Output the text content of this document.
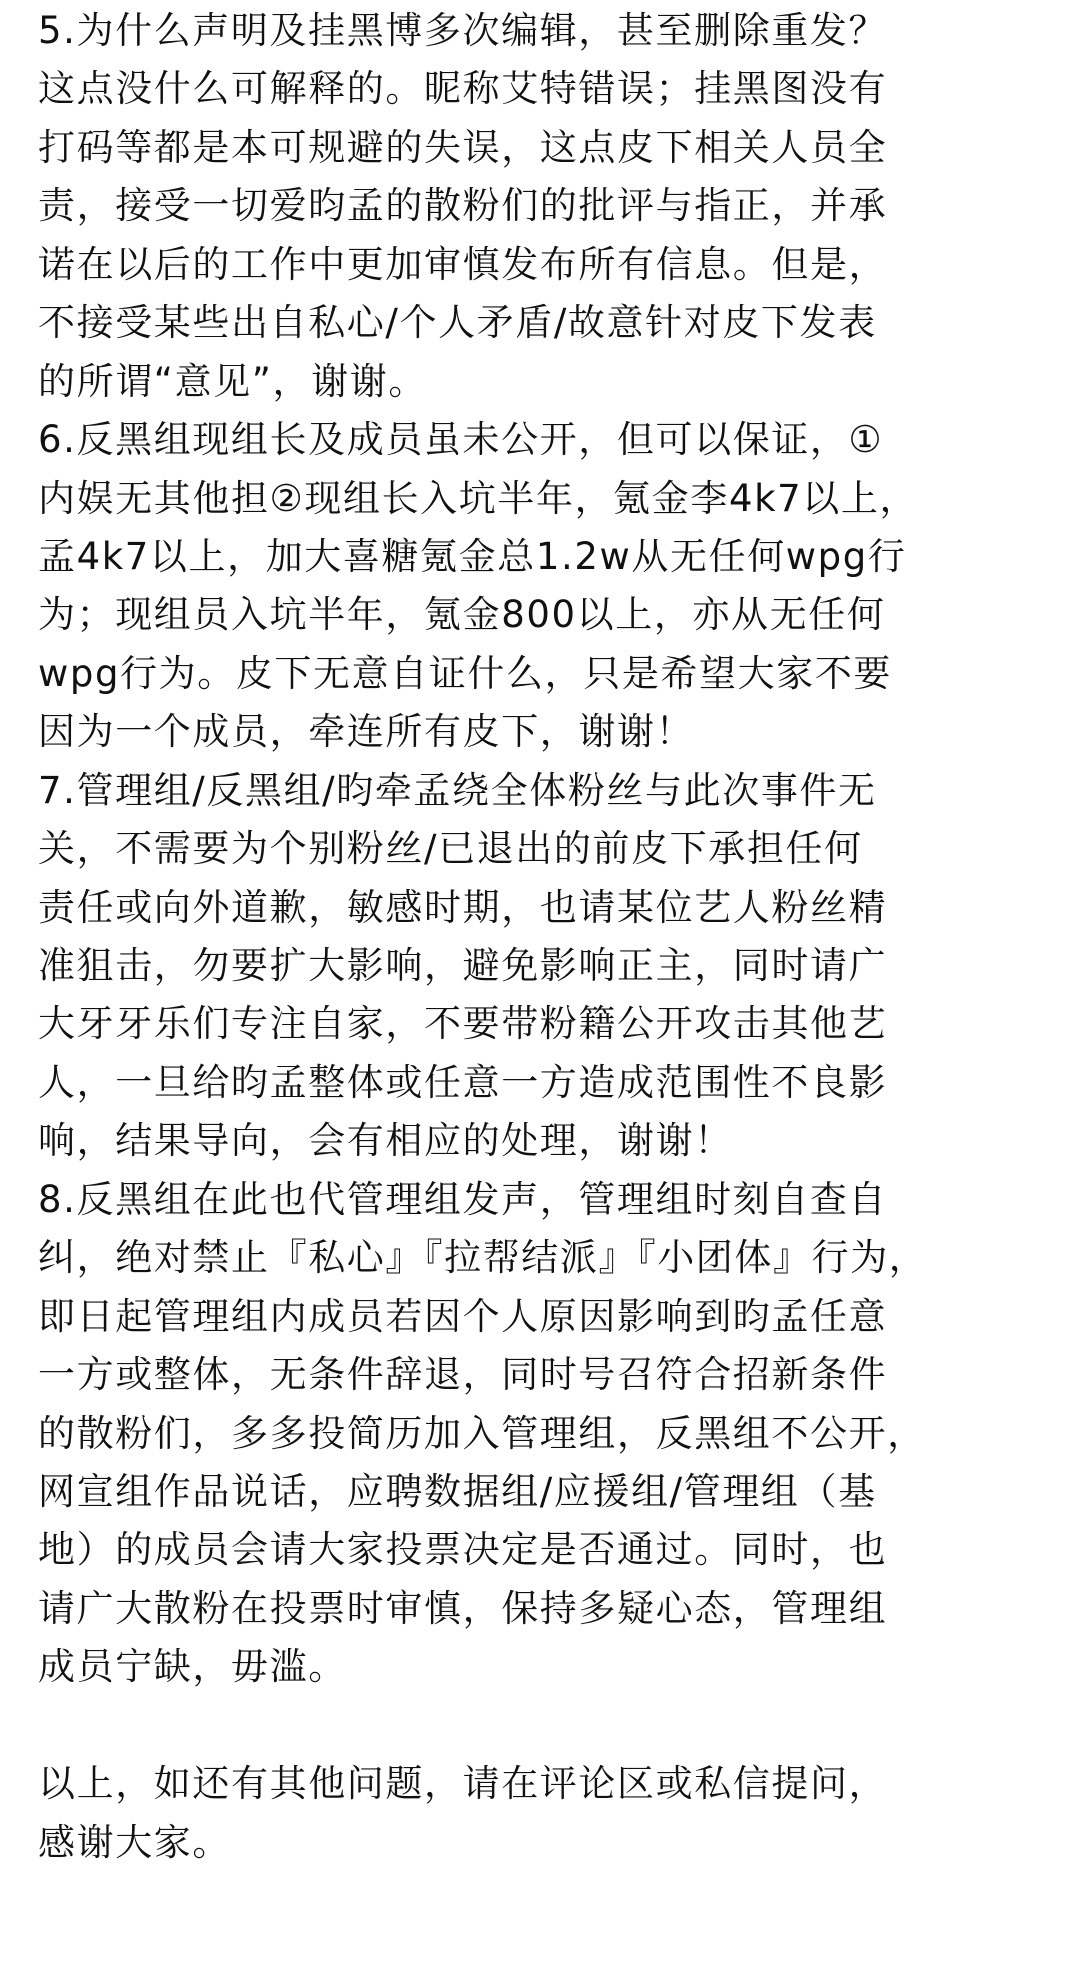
5.为什么声明及挂黑博多次编辑，甚至删除重发？
这点没什么可解释的。昵称艾特错误；挂黑图没有
打码等都是本可规避的失误，这点皮下相关人员全
责，接受一切爱昀孟的散粉们的批评与指正，并承
诺在以后的工作中更加审慎发布所有信息。但是，
不接受某些出自私心/个人矛盾/故意针对皮下发表
的所谓“意见”，谢谢。
6.反黑组现组长及成员虽未公开，但可以保证，①
内娱无其他担②现组长入坑半年，氪金李4k7以上，
孟4k7以上，加大喜糖氪金总1.2w从无任何wpg行
为；现组员入坑半年，氪金800以上，亦从无任何
wpg行为。皮下无意自证什么，只是希望大家不要
因为一个成员，牵连所有皮下，谢谢！
7.管理组/反黑组/昀牵孟绕全体粉丝与此次事件无
关，不需要为个别粉丝/已退出的前皮下承担任何
责任或向外道歉，敏感时期，也请某位艺人粉丝精
准狙击，勿要扩大影响，避免影响正主，同时请广
大牙牙乐们专注自家，不要带粉籍公开攻击其他艺
人，一旦给昀孟整体或任意一方造成范围性不良影
响，结果导向，会有相应的处理，谢谢！
8.反黑组在此也代管理组发声，管理组时刻自查自
纠，绝对禁止『私心』『拉帮结派』『小团体』行为，
即日起管理组内成员若因个人原因影响到昀孟任意
一方或整体，无条件辞退，同时号召符合招新条件
的散粉们，多多投简历加入管理组，反黑组不公开，
网宣组作品说话，应聘数据组/应援组/管理组（基
地）的成员会请大家投票决定是否通过。同时，也
请广大散粉在投票时审慎，保持多疑心态，管理组
成员宁缺，毋滥。
以上，如还有其他问题，请在评论区或私信提问，
感谢大家。
